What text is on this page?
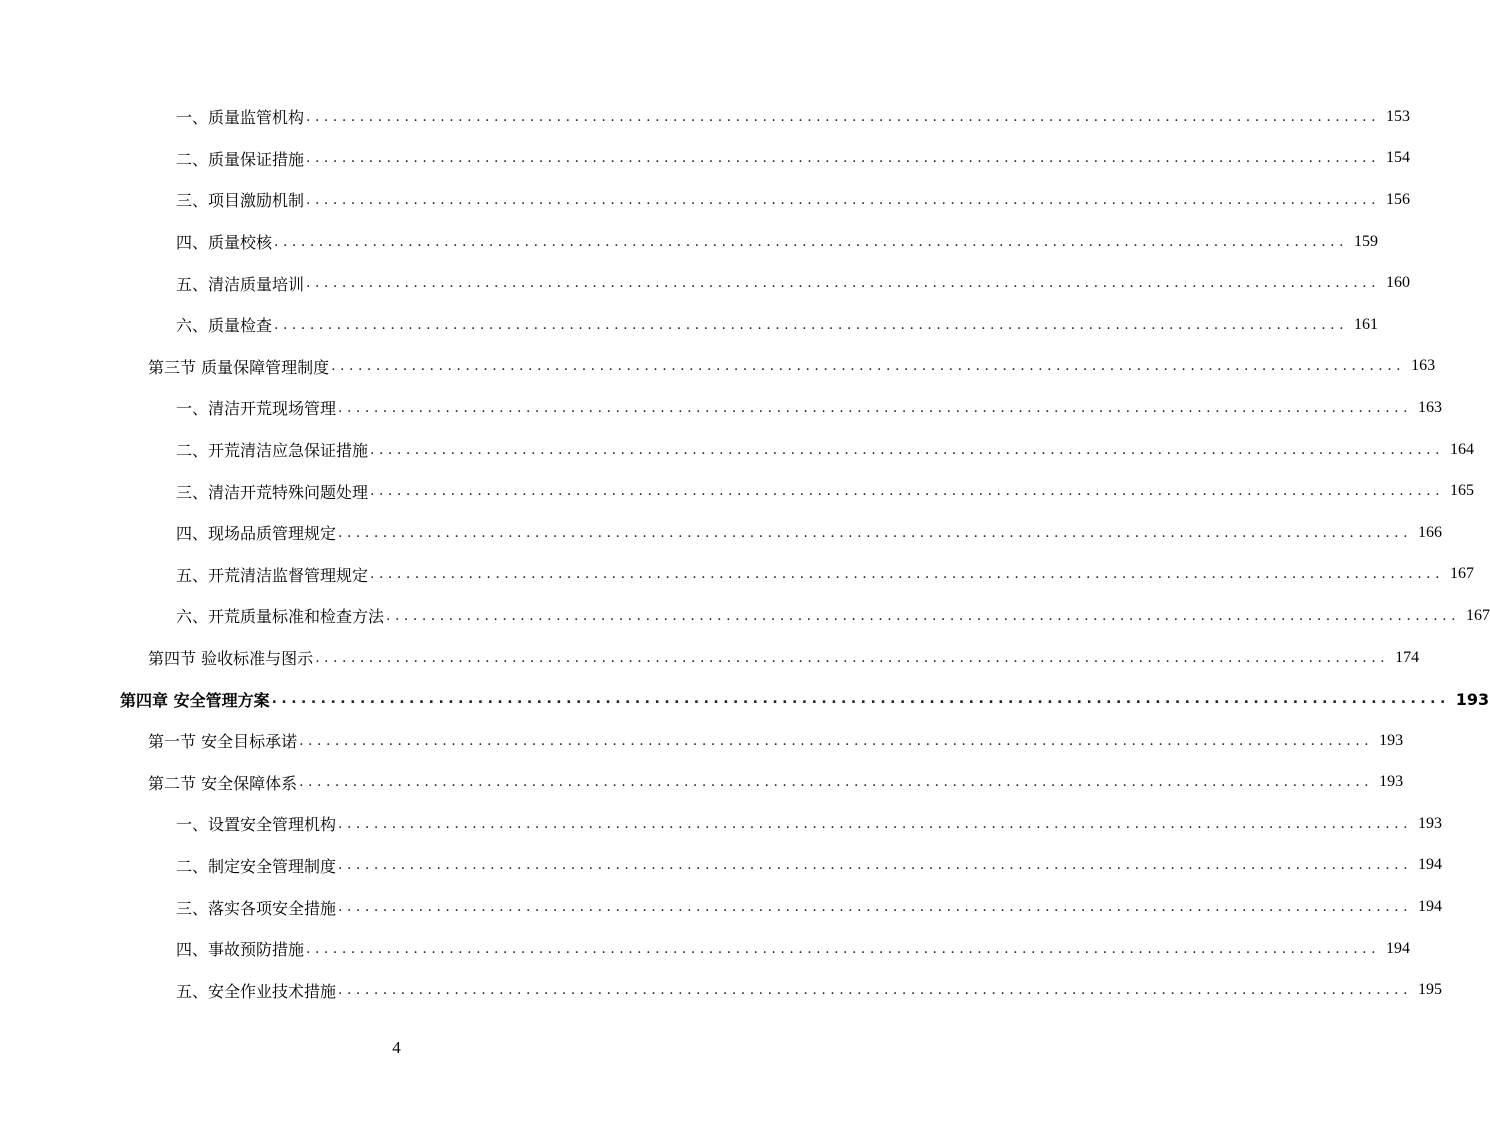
一、质量监管机构 ........................................................................................................................ 153
二、质量保证措施 ........................................................................................................................ 154
三、项目激励机制 ........................................................................................................................ 156
四、质量校核 ........................................................................................................................ 159
五、清洁质量培训 ........................................................................................................................ 160
六、质量检查 ........................................................................................................................ 161
第三节 质量保障管理制度 ........................................................................................................................ 163
一、清洁开荒现场管理 ........................................................................................................................ 163
二、开荒清洁应急保证措施 ........................................................................................................................ 164
三、清洁开荒特殊问题处理 ........................................................................................................................ 165
四、现场品质管理规定 ........................................................................................................................ 166
五、开荒清洁监督管理规定 ........................................................................................................................ 167
六、开荒质量标准和检查方法 ........................................................................................................................ 167
第四节 验收标准与图示 ........................................................................................................................ 174
第四章 安全管理方案 ........................................................................................................................ 193
第一节 安全目标承诺 ........................................................................................................................ 193
第二节 安全保障体系 ........................................................................................................................ 193
一、设置安全管理机构 ........................................................................................................................ 193
二、制定安全管理制度 ........................................................................................................................ 194
三、落实各项安全措施 ........................................................................................................................ 194
四、事故预防措施 ........................................................................................................................ 194
五、安全作业技术措施 ........................................................................................................................ 195
4
